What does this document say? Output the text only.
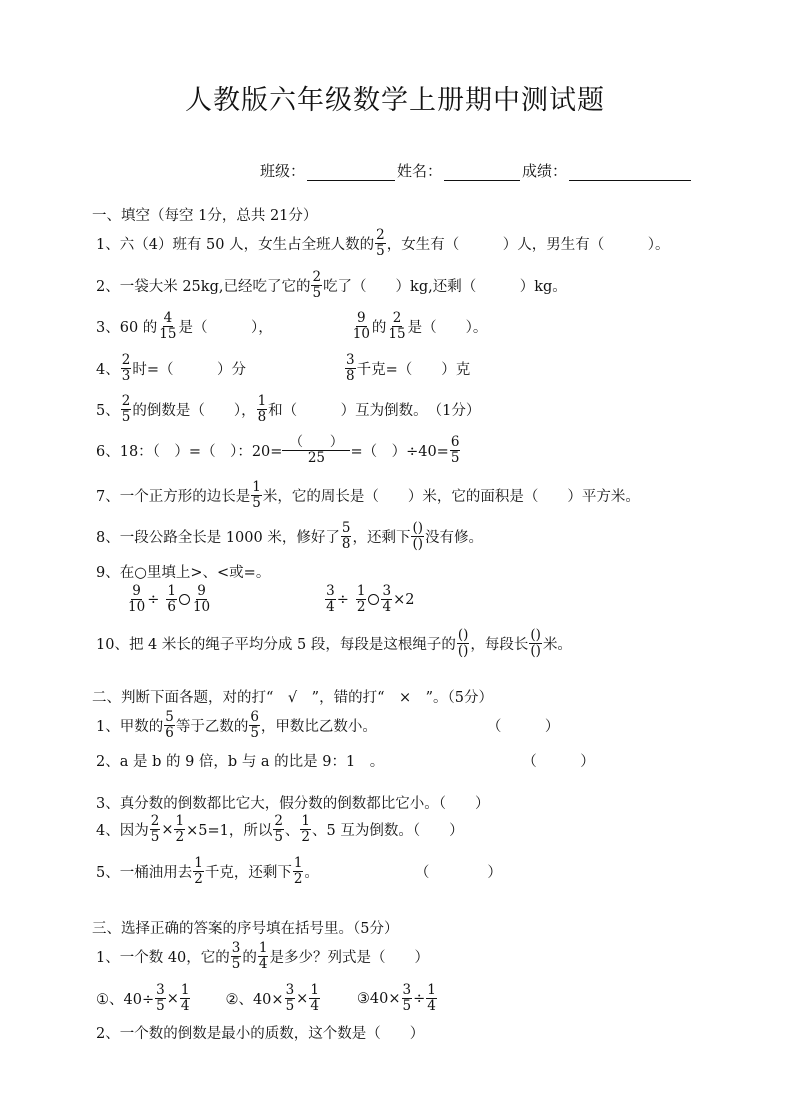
人教版六年级数学上册期中测试题
班级：	姓名：	成绩：
一、填空（每空 1分，总共 21分）
1、六（4）班有 50 人，女生占全班人数的 $\frac{2}{5}$ ，女生有（　　　）人，男生有（　　　）。
2、一袋大米 25kg,已经吃了它的 $\frac{2}{5}$ 吃了（　　）kg,还剩（　　　）kg。
3、60 的 $\frac{4}{15}$ 是（　　　），	$\frac{9}{10}$ 的 $\frac{2}{15}$ 是（　　）。
4、 $\frac{2}{3}$ 时=（　　　）分	$\frac{3}{8}$ 千克=（　　）克
5、 $\frac{2}{5}$ 的倒数是（　　）， $\frac{1}{8}$ 和（　　　）互为倒数。　（1分）
6、18：（　）=（　）：$20= \frac{( )}{25}$ =（　）$\div 40= \frac{6}{5}$
7、一个正方形的边长是 $\frac{1}{5}$ 米，它的周长是（　　）米，它的面积是（　　）平方米。
8、一段公路全长是 1000 米，修好了 $\frac{5}{8}$ ，还剩下 $\frac{()}{()}$ 没有修。
9、在○里填上>、<或=。
$\frac{9}{10} \div \frac{1}{6} \frac{9}{10}$	$\frac{3}{4} \div \frac{1}{2} \frac{3}{4} \times 2$
10、把 4 米长的绳子平均分成 5 段，每段是这根绳子的 $\frac{()}{()}$ ，每段长 $\frac{()}{()}$ 米。
二、判断下面各题，对的打“　√　”，错的打“　×　”。（5分）
1、甲数的 $\frac{5}{6}$ 等于乙数的 $\frac{6}{5}$ ，甲数比乙数小。	（　　　）
2、a 是 b 的 9 倍，b 与 a 的比是 9：1　。	（　　　）
3、真分数的倒数都比它大，假分数的倒数都比它小。（　　）
4、因为 $\frac{2}{5} \times \frac{1}{2} \times 5=1$，所以 $\frac{2}{5}$ 、 $\frac{1}{2}$ 、5 互为倒数。（　　）
5、一桶油用去 $\frac{1}{2}$ 千克，还剩下 $\frac{1}{2}$ 。	（　　　　）
三、选择正确的答案的序号填在括号里。（5分）
1、一个数 40，它的 $\frac{3}{5}$ 的 $\frac{1}{4}$ 是多少？列式是（　　）
①、$40\div \frac{3}{5} \times \frac{1}{4}$ ②、$40\times \frac{3}{5} \times \frac{1}{4}$	③40× $\frac{3}{5} \div \frac{1}{4}$
2、一个数的倒数是最小的质数，这个数是（　　）
